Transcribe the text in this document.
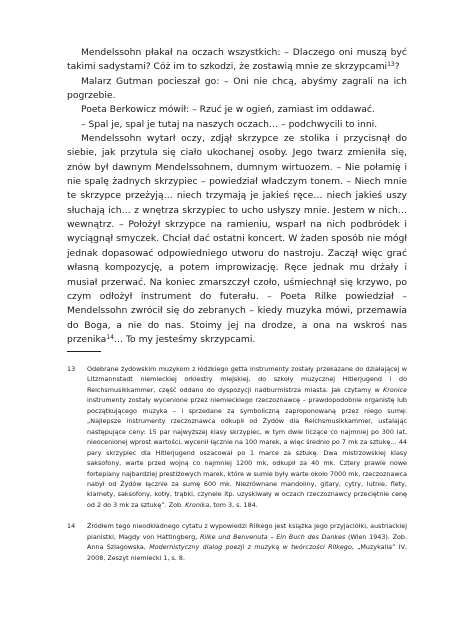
Mendelssohn płakał na oczach wszystkich: – Dlaczego oni muszą być takimi sadystami? Cóż im to szkodzi, że zostawią mnie ze skrzypcami$^{13}$?

Malarz Gutman pocieszał go: – Oni nie chcą, abyśmy zagrali na ich pogrzebie.

Poeta Berkowicz mówił: – Rzuć je w ogień, zamiast im oddawać.

– Spal je, spal je tutaj na naszych oczach… – podchwycili to inni.

Mendelssohn wytarł oczy, zdjął skrzypce ze stolika i przycisnął do siebie, jak przytula się ciało ukochanej osoby. Jego twarz zmieniła się, znów był dawnym Mendelssohnem, dumnym wirtuozem. – Nie połamię i nie spalę żadnych skrzypiec – powiedział władczym tonem. – Niech mnie te skrzypce przeżyją… niech trzymają je jakieś ręce… niech jakieś uszy słuchają ich… z wnętrza skrzypiec to ucho usłyszy mnie. Jestem w nich… wewnątrz. – Położył skrzypce na ramieniu, wsparł na nich podbródek i wyciągnął smyczek. Chciał dać ostatni koncert. W żaden sposób nie mógł jednak dopasować odpowiedniego utworu do nastroju. Zaczął więc grać własną kompozycję, a potem improwizację. Ręce jednak mu drżały i musiał przerwać. Na koniec zmarszczył czoło, uśmiechnął się krzywo, po czym odłożył instrument do futerału. – Poeta Rilke powiedział – Mendelssohn zwrócił się do zebranych – kiedy muzyka mówi, przemawia do Boga, a nie do nas. Stoimy jej na drodze, a ona na wskroś nas przenika$^{14}$… To my jesteśmy skrzypcami.

13	Odebrane żydowskim muzykom z łódzkiego getta instrumenty zostały przekazane do działającej w Litzmannstadt niemieckiej orkiestry miejskiej, do szkoły muzycznej Hitlerjugend i do Reichsmusikkammer, część oddano do dyspozycji nadburmistrza miasta. Jak czytamy w Kronice instrumenty zostały wycenione przez niemieckiego rzeczoznawcę – prawdopodobnie organistę lub początkującego muzyka – i sprzedane za symboliczną zaproponowaną przez niego sumę: „Najlepsze instrumenty rzeczoznawca odkupił od Żydów dla Reichsmusikkammer, ustalając następujące ceny: 15 par najwyższej klasy skrzypiec, w tym dwie liczące co najmniej po 300 lat, nieocenionej wprost wartości, wycenił łącznie na 100 marek, a więc średnio po 7 mk za sztukę… 44 pary skrzypiec dla Hitlerjugend oszacował po 1 marce za sztukę. Dwa mistrzowskiej klasy saksofony, warte przed wojną co najmniej 1200 mk, odkupił za 40 mk. Cztery prawie nowe fortepiany najbardziej prestiżowych marek, które w sumie były warte około 7000 mk, rzeczoznawca nabył od Żydów łącznie za sumę 600 mk. Niezrównane mandoliny, gitary, cytry, lutnie, flety, klarnety, saksofony, kotły, trąbki, czynele itp. uzyskiwały w oczach rzeczoznawcy przeciętnie cenę od 2 do 3 mk za sztukę”. Zob. Kronika, tom 3, s. 184.
14	Źródłem tego nieodkładnego cytatu z wypowiedzi Rilkego jest książka jego przyjaciółki, austriackiej pianistki, Magdy von Hattingberg, Rilke und Benvenuta – Ein Buch des Dankes (Wien 1943). Zob. Anna Szlagowska, Modernistyczny dialog poezji z muzyką w twórczości Rilkego, „Muzykalia” IV, 2008, Zeszyt niemiecki 1, s. 8.
